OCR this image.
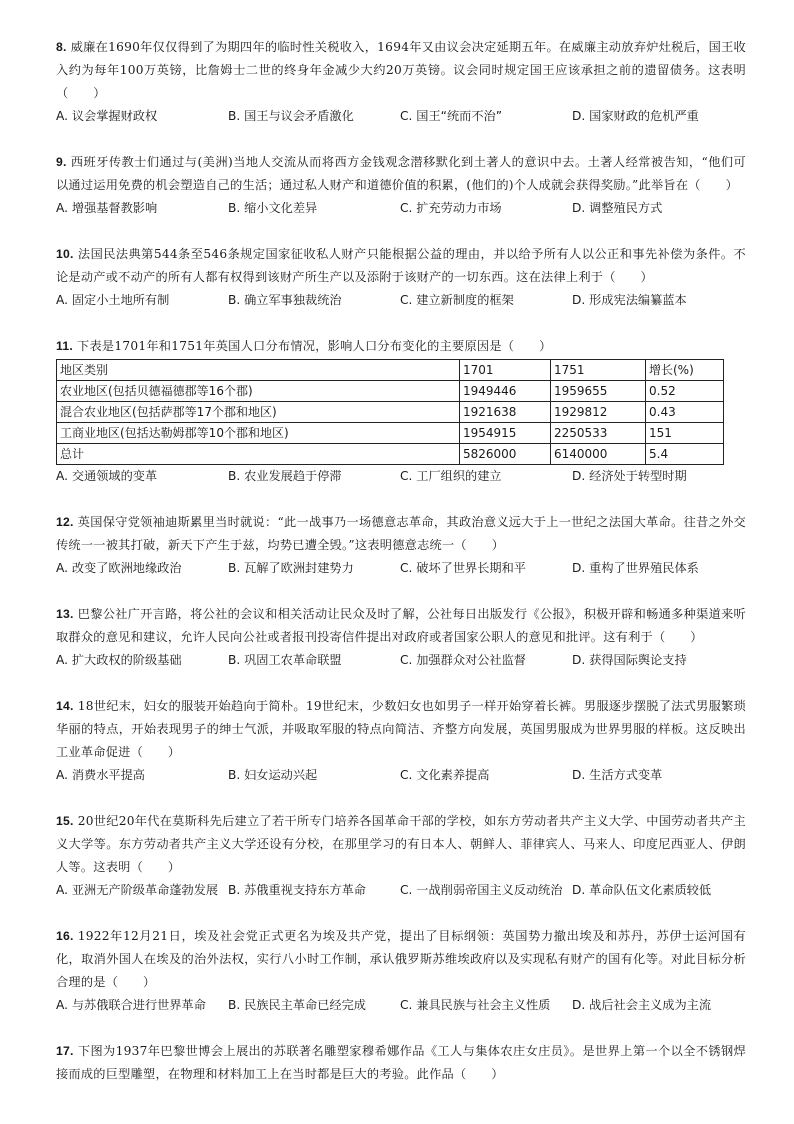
8. 威廉在1690年仅仅得到了为期四年的临时性关税收入，1694年又由议会决定延期五年。在威廉主动放弃炉灶税后，国王收入约为每年100万英镑，比詹姆士二世的终身年金减少大约20万英镑。议会同时规定国王应该承担之前的遗留债务。这表明（　　）

A. 议会掌握财政权	B. 国王与议会矛盾激化	C. 国王“统而不治”	D. 国家财政的危机严重

9. 西班牙传教士们通过与(美洲)当地人交流从而将西方金钱观念潜移默化到土著人的意识中去。土著人经常被告知，“他们可以通过运用免费的机会塑造自己的生活；通过私人财产和道德价值的积累，(他们的)个人成就会获得奖励。”此举旨在（　　）

A. 增强基督教影响	B. 缩小文化差异	C. 扩充劳动力市场	D. 调整殖民方式

10. 法国民法典第544条至546条规定国家征收私人财产只能根据公益的理由，并以给予所有人以公正和事先补偿为条件。不论是动产或不动产的所有人都有权得到该财产所生产以及添附于该财产的一切东西。这在法律上利于（　　）

A. 固定小土地所有制	B. 确立军事独裁统治	C. 建立新制度的框架	D. 形成宪法编纂蓝本

11. 下表是1701年和1751年英国人口分布情况，影响人口分布变化的主要原因是（　　）

地区类别	1701	1751	增长(%)
农业地区(包括贝德福德郡等16个郡)	1949446	1959655	0.52
混合农业地区(包括萨郡等17个郡和地区)	1921638	1929812	0.43
工商业地区(包括达勒姆郡等10个郡和地区)	1954915	2250533	151
总计	5826000	6140000	5.4
A. 交通领域的变革	B. 农业发展趋于停滞	C. 工厂组织的建立	D. 经济处于转型时期

12. 英国保守党领袖迪斯累里当时就说：“此一战事乃一场德意志革命，其政治意义远大于上一世纪之法国大革命。往昔之外交传统一一被其打破，新天下产生于兹，均势已遭全毁。”这表明德意志统一（　　）

A. 改变了欧洲地缘政治	B. 瓦解了欧洲封建势力	C. 破坏了世界长期和平	D. 重构了世界殖民体系

13. 巴黎公社广开言路，将公社的会议和相关活动让民众及时了解，公社每日出版发行《公报》，积极开辟和畅通多种渠道来听取群众的意见和建议，允许人民向公社或者报刊投寄信件提出对政府或者国家公职人的意见和批评。这有利于（　　）

A. 扩大政权的阶级基础	B. 巩固工农革命联盟	C. 加强群众对公社监督	D. 获得国际舆论支持

14. 18世纪末，妇女的服装开始趋向于简朴。19世纪末，少数妇女也如男子一样开始穿着长裤。男服逐步摆脱了法式男服繁琐华丽的特点，开始表现男子的绅士气派，并吸取军服的特点向简洁、齐整方向发展，英国男服成为世界男服的样板。这反映出工业革命促进（　　）

A. 消费水平提高	B. 妇女运动兴起	C. 文化素养提高	D. 生活方式变革

15. 20世纪20年代在莫斯科先后建立了若干所专门培养各国革命干部的学校，如东方劳动者共产主义大学、中国劳动者共产主义大学等。东方劳动者共产主义大学还设有分校，在那里学习的有日本人、朝鲜人、菲律宾人、马来人、印度尼西亚人、伊朗人等。这表明（　　）

A. 亚洲无产阶级革命蓬勃发展 B. 苏俄重视支持东方革命	C. 一战削弱帝国主义反动统治 D. 革命队伍文化素质较低

16. 1922年12月21日，埃及社会党正式更名为埃及共产党，提出了目标纲领：英国势力撤出埃及和苏丹，苏伊士运河国有化，取消外国人在埃及的治外法权，实行八小时工作制，承认俄罗斯苏维埃政府以及实现私有财产的国有化等。对此目标分析合理的是（　　）

A. 与苏俄联合进行世界革命	B. 民族民主革命已经完成	C. 兼具民族与社会主义性质	D. 战后社会主义成为主流

17. 下图为1937年巴黎世博会上展出的苏联著名雕塑家穆希娜作品《工人与集体农庄女庄员》。是世界上第一个以全不锈钢焊接而成的巨型雕塑，在物理和材料加工上在当时都是巨大的考验。此作品（　　）
